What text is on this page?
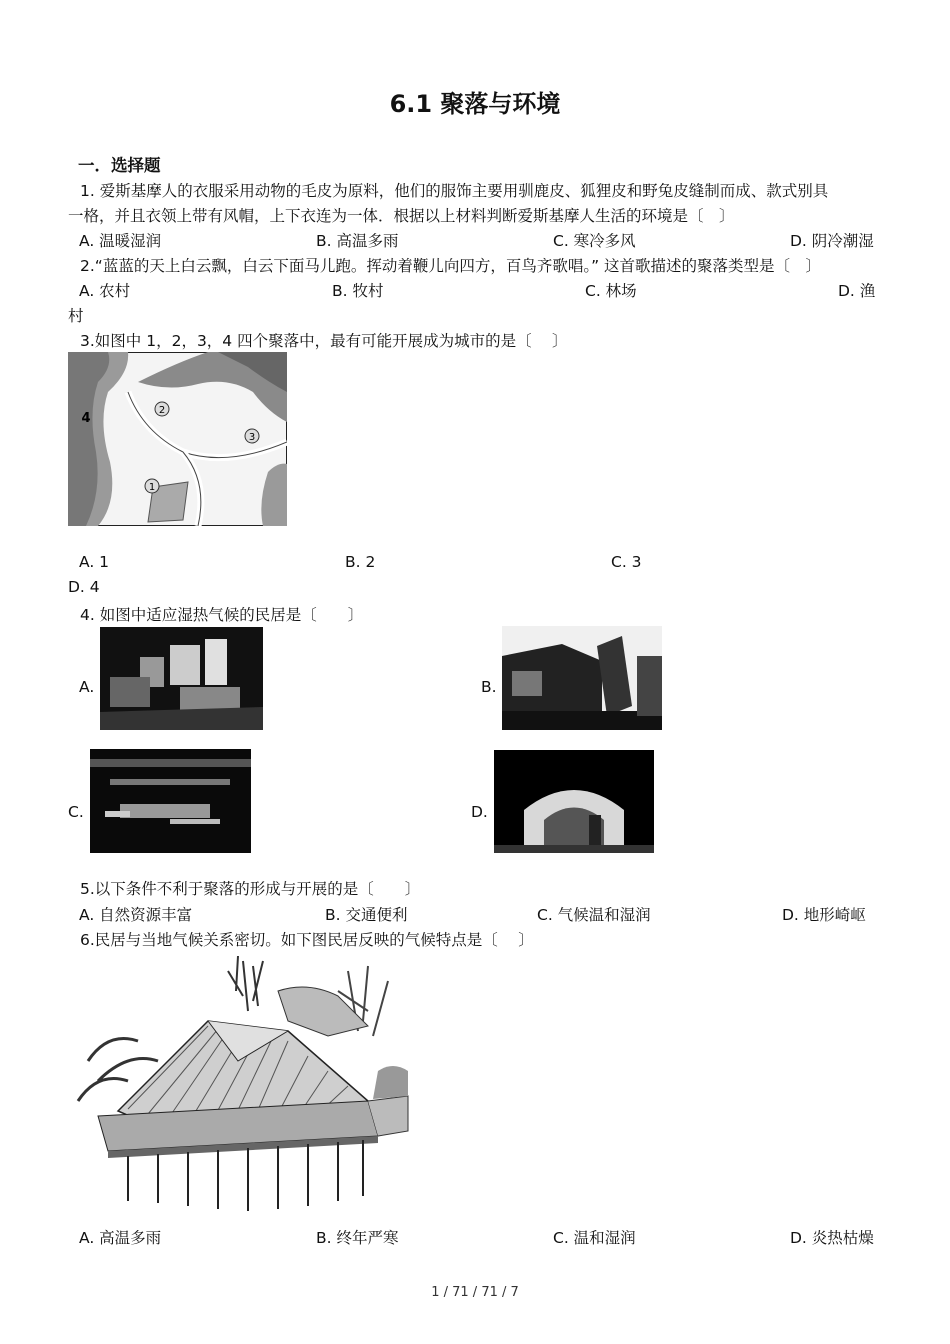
6.1 聚落与环境
一．选择题
1. 爱斯基摩人的衣服采用动物的毛皮为原料，他们的服饰主要用驯鹿皮、狐狸皮和野兔皮缝制而成、款式别具
一格，并且衣领上带有风帽，上下衣连为一体．根据以上材料判断爱斯基摩人生活的环境是〔　〕
A. 温暖湿润	B. 高温多雨	C. 寒冷多风	D. 阴冷潮湿
2.“蓝蓝的天上白云飘，白云下面马儿跑。挥动着鞭儿向四方，百鸟齐歌唱。” 这首歌描述的聚落类型是〔　〕
A. 农村	B. 牧村	C. 林场	D. 渔
村
3.如图中 1，2，3，4 四个聚落中，最有可能开展成为城市的是〔　 〕
1
2
3
4
A. 1	B. 2	C. 3
D. 4
4. 如图中适应湿热气候的民居是〔　　〕
A.	B.
C.	D.
5.以下条件不利于聚落的形成与开展的是〔　　〕
A. 自然资源丰富	B. 交通便利	C. 气候温和湿润	D. 地形崎岖
6.民居与当地气候关系密切。如下图民居反映的气候特点是〔　 〕
A. 高温多雨	B. 终年严寒	C. 温和湿润	D. 炎热枯燥
1 / 71 / 71 / 7
